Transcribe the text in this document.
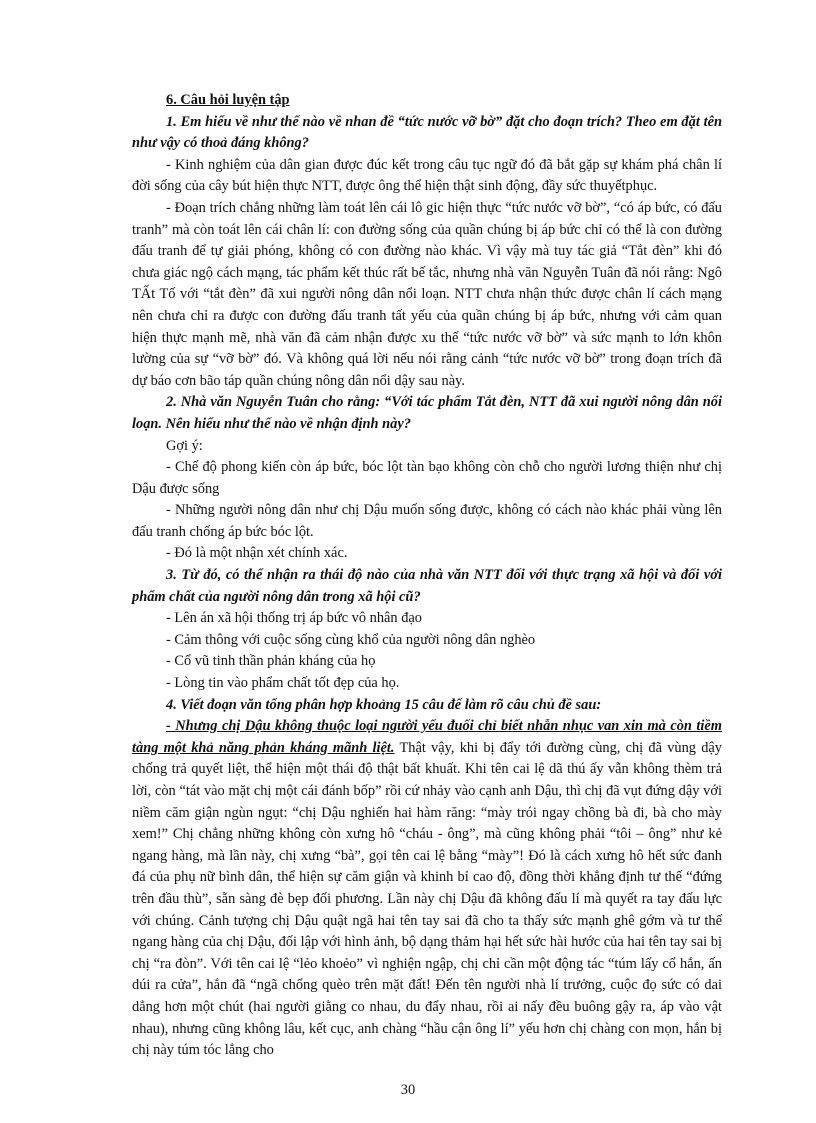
6. Câu hỏi luyện tập

1. Em hiểu về như thế nào về nhan đề “tức nước vỡ bờ” đặt cho đoạn trích? Theo em đặt tên như vậy có thoả đáng không?

- Kinh nghiệm của dân gian được đúc kết trong câu tục ngữ đó đã bắt gặp sự khám phá chân lí đời sống của cây bút hiện thực NTT, được ông thể hiện thật sinh động, đầy sức thuyếtphục.

- Đoạn trích chẳng những làm toát lên cái lô gic hiện thực “tức nước vỡ bờ”, “có áp bức, có đấu tranh” mà còn toát lên cái chân lí: con đường sống của quần chúng bị áp bức chỉ có thể là con đường đấu tranh để tự giải phóng, không có con đường nào khác. Vì vậy mà tuy tác giả “Tắt đèn” khi đó chưa giác ngộ cách mạng, tác phẩm kết thúc rất bế tắc, nhưng nhà văn Nguyễn Tuân đã nói rằng: Ngô TẤt Tố với “tắt đèn” đã xui người nông dân nổi loạn. NTT chưa nhận thức được chân lí cách mạng nên chưa chỉ ra được con đường đấu tranh tất yếu của quần chúng bị áp bức, nhưng với cảm quan hiện thực mạnh mẽ, nhà văn đã cảm nhận được xu thế “tức nước vỡ bờ” và sức mạnh to lớn khôn lường của sự “vỡ bờ” đó. Và không quá lời nếu nói rằng cảnh “tức nước vỡ bờ” trong đoạn trích đã dự báo cơn bão táp quần chúng nông dân nổi dậy sau này.

2. Nhà văn Nguyễn Tuân cho rằng: “Với tác phẩm Tắt đèn, NTT đã xui người nông dân nổi loạn. Nên hiểu như thế nào về nhận định này?

Gợi ý:

- Chế độ phong kiến còn áp bức, bóc lột tàn bạo không còn chỗ cho người lương thiện như chị Dậu được sống

- Những người nông dân như chị Dậu muốn sống được, không có cách nào khác phải vùng lên đấu tranh chống áp bức bóc lột.

- Đó là một nhận xét chính xác.

3. Từ đó, có thể nhận ra thái độ nào của nhà văn NTT đối với thực trạng xã hội và đối với phẩm chất của người nông dân trong xã hội cũ?

- Lên án xã hội thống trị áp bức vô nhân đạo

- Cảm thông với cuộc sống cùng khổ của người nông dân nghèo

- Cổ vũ tinh thần phản kháng của họ

- Lòng tin vào phẩm chất tốt đẹp của họ.

4. Viết đoạn văn tổng phân hợp khoảng 15 câu để làm rõ câu chủ đề sau:

- Nhưng chị Dậu không thuộc loại người yếu đuối chỉ biết nhẫn nhục van xin mà còn tiềm tàng một khả năng phản kháng mãnh liệt. Thật vậy, khi bị đẩy tới đường cùng, chị đã vùng dậy chống trả quyết liệt, thể hiện một thái độ thật bất khuất. Khi tên cai lệ dã thú ấy vẫn không thèm trả lời, còn “tát vào mặt chị một cái đánh bốp” rồi cứ nhảy vào cạnh anh Dậu, thì chị đã vụt đứng dậy với niềm căm giận ngùn ngụt: “chị Dậu nghiến hai hàm răng: “mày trói ngay chồng bà đi, bà cho mày xem!” Chị chẳng những không còn xưng hô “cháu - ông”, mà cũng không phải “tôi – ông” như kẻ ngang hàng, mà lần này, chị xưng “bà”, gọi tên cai lệ bằng “mày”! Đó là cách xưng hô hết sức đanh đá của phụ nữ bình dân, thể hiện sự căm giận và khinh bỉ cao độ, đồng thời khẳng định tư thế “đứng trên đầu thù”, sẵn sàng đè bẹp đối phương. Lần này chị Dậu đã không đấu lí mà quyết ra tay đấu lực với chúng. Cảnh tượng chị Dậu quật ngã hai tên tay sai đã cho ta thấy sức mạnh ghê gớm và tư thế ngang hàng của chị Dậu, đối lập với hình ảnh, bộ dạng thảm hại hết sức hài hước của hai tên tay sai bị chị “ra đòn”. Với tên cai lệ “lẻo khoẻo” vì nghiện ngập, chị chỉ cần một động tác “túm lấy cổ hắn, ấn dúi ra cửa”, hắn đã “ngã chổng quèo trên mặt đất! Đến tên người nhà lí trưởng, cuộc đọ sức có dai dẳng hơn một chút (hai người giằng co nhau, du đẩy nhau, rồi ai nấy đều buông gậy ra, áp vào vật nhau), nhưng cũng không lâu, kết cục, anh chàng “hầu cận ông lí” yếu hơn chị chàng con mọn, hắn bị chị này túm tóc lẳng cho

30
